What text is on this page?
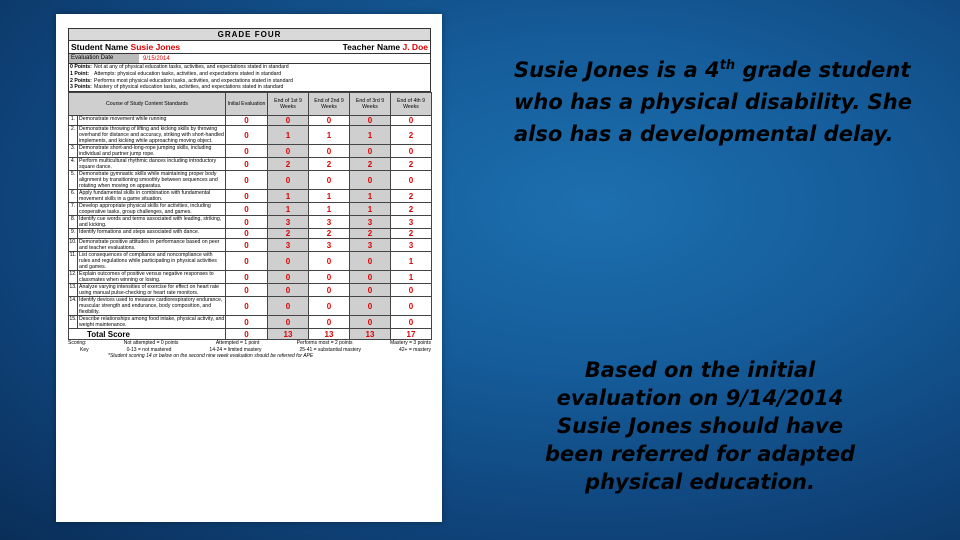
GRADE FOUR
Student Name
Susie Jones	Teacher Name J. Doe
Evaluation Date	9/15/2014
0 Points: Not at any of physical education tasks, activities, and expectations stated in standard
1 Point: Attempts: physical education tasks, activities, and expectations stated in standard
2 Points: Performs most physical education tasks, activities, and expectations stated in standard
3 Points: Mastery of physical education tasks, activities, and expectations stated in standard
Course of Study Content Standards		Initial Evaluation	End of 1st 9 Weeks	End of 2nd 9 Weeks	End of 3rd 9 Weeks	End of 4th 9 Weeks
1.	Demonstrate movement while running	0	0	0	0	0
2.	Demonstrate throwing of lifting and kicking skills by throwing overhand for distance and accuracy, striking with short-handled implements, and kicking while approaching moving object.	0	1	1	1	2
3.	Demonstrate short-and-long-rope jumping skills, including individual and partner jump rope.	0	0	0	0	0
4.	Perform multicultural rhythmic dances including introductory square dance.	0	2	2	2	2
5.	Demonstrate gymnastic skills while maintaining proper body alignment by transitioning smoothly between sequences and rotating when moving on apparatus.	0	0	0	0	0
6.	Apply fundamental skills in combination with fundamental movement skills in a game situation.	0	1	1	1	2
7.	Develop appropriate physical skills for activities, including cooperative tasks, group challenges, and games.	0	1	1	1	2
8.	Identify cue words and terms associated with leading, striking, and kicking.	0	3	3	3	3
9.	Identify formations and steps associated with dance.	0	2	2	2	2
10.	Demonstrate positive attitudes in performance based on peer and teacher evaluations.	0	3	3	3	3
11.	List consequences of compliance and noncompliance with rules and regulations while participating in physical activities and games.	0	0	0	0	1
12.	Explain outcomes of positive versus negative responses to classmates when winning or losing.	0	0	0	0	1
13.	Analyze varying intensities of exercise for effect on heart rate using manual pulse-checking or heart rate monitors.	0	0	0	0	0
14.	Identify devices used to measure cardiorespiratory endurance, muscular strength and endurance, body composition, and flexibility.	0	0	0	0	0
15.	Describe relationships among food intake, physical activity, and weight maintenance.	0	0	0	0	0
Total Score		0	13	13	13	17
Scoring:	Not attempted = 0 points	Attempted = 1 point	Performs most = 2 points	Mastery = 3 points
Key	0-13 = not mastered	14-24 = limited mastery	25-41 = substantial mastery	42+ = mastery
*Student scoring 14 or below on the second nine week evaluation should be referred for APE
Susie Jones is a 4th grade student who has a physical disability. She also has a developmental delay.
Based on the initial evaluation on 9/14/2014 Susie Jones should have been referred for adapted physical education.
